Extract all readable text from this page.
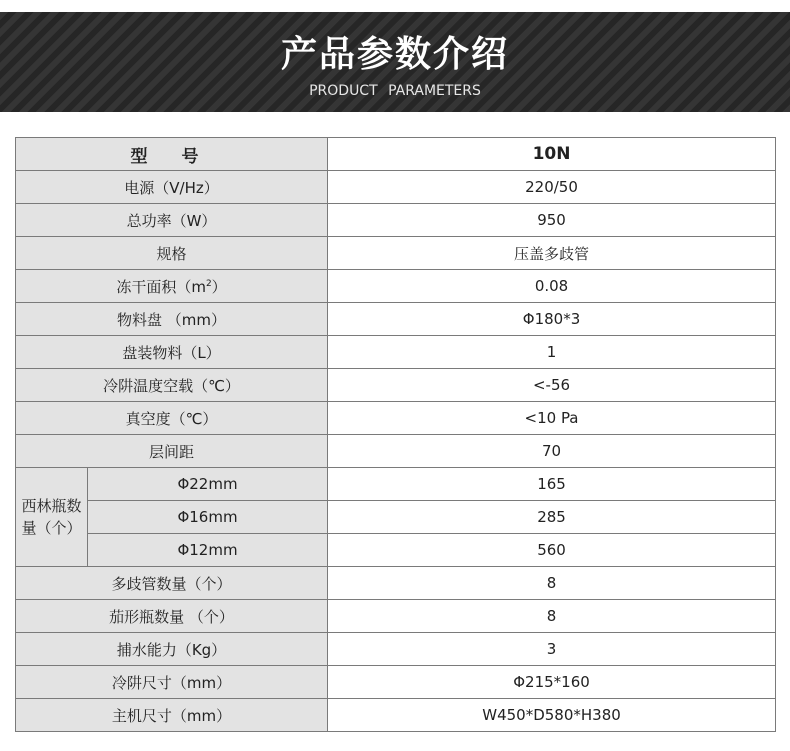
产品参数介绍
PRODUCT PARAMETERS
型 号		10N
电源（V/Hz）		220/50
总功率（W）		950
规格		压盖多歧管
冻干面积$(m^2)$		0.08
物料盘 （mm）		Φ180*3
盘装物料（L）		1
冷阱温度空载（℃）		<-56
真空度（℃）		<10 Pa
层间距		70
西林瓶数量（个）	Φ22mm	165
	Φ16mm	285
	Φ12mm	560
多歧管数量（个）		8
茄形瓶数量 （个）		8
捕水能力（Kg）		3
冷阱尺寸（mm）		Φ215*160
主机尺寸（mm）		W450*D580*H380
